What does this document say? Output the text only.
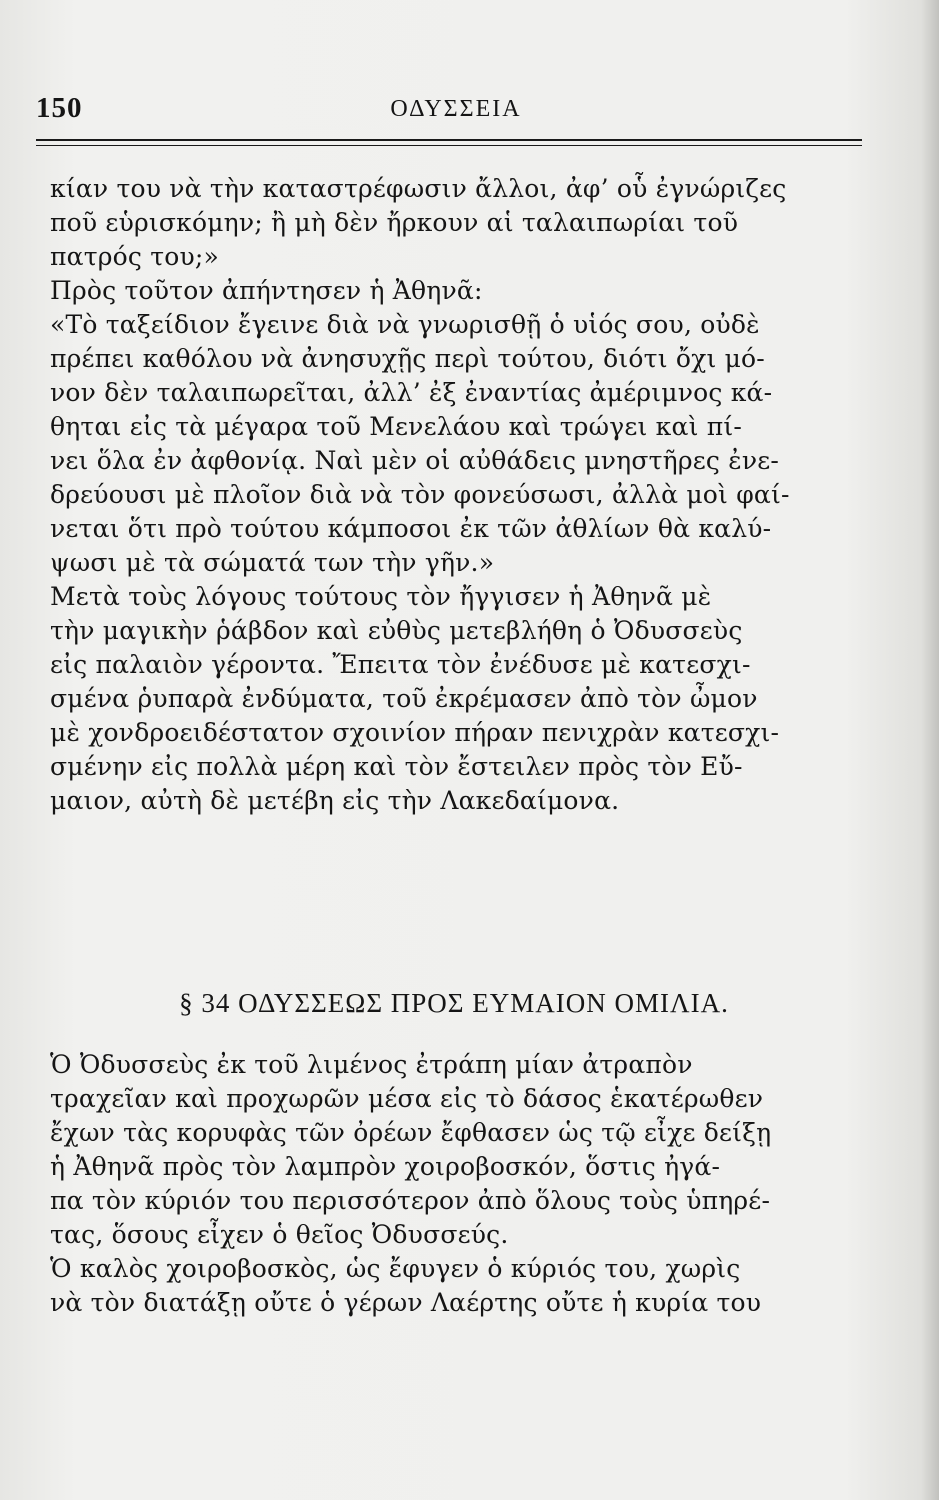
150	ΟΔΥΣΣΕΙΑ
κίαν του νὰ τὴν καταστρέφωσιν ἄλλοι, ἀφ’ οὗ ἐγνώριζες
ποῦ εὑρισκόμην; ἢ μὴ δὲν ἤρκουν αἱ ταλαιπωρίαι τοῦ
πατρός του;»
Πρὸς τοῦτον ἀπήντησεν ἡ Ἀθηνᾶ:
«Τὸ ταξείδιον ἔγεινε διὰ νὰ γνωρισθῇ ὁ υἱός σου, οὐδὲ
πρέπει καθόλου νὰ ἀνησυχῇς περὶ τούτου, διότι ὄχι μό-
νον δὲν ταλαιπωρεῖται, ἀλλ’ ἐξ ἐναντίας ἀμέριμνος κά-
θηται εἰς τὰ μέγαρα τοῦ Μενελάου καὶ τρώγει καὶ πί-
νει ὅλα ἐν ἀφθονίᾳ. Ναὶ μὲν οἱ αὐθάδεις μνηστῆρες ἐνε-
δρεύουσι μὲ πλοῖον διὰ νὰ τὸν φονεύσωσι, ἀλλὰ μοὶ φαί-
νεται ὅτι πρὸ τούτου κάμποσοι ἐκ τῶν ἀθλίων θὰ καλύ-
ψωσι μὲ τὰ σώματά των τὴν γῆν.»
Μετὰ τοὺς λόγους τούτους τὸν ἤγγισεν ἡ Ἀθηνᾶ μὲ
τὴν μαγικὴν ῥάβδον καὶ εὐθὺς μετεβλήθη ὁ Ὀδυσσεὺς
εἰς παλαιὸν γέροντα. Ἔπειτα τὸν ἐνέδυσε μὲ κατεσχι-
σμένα ῥυπαρὰ ἐνδύματα, τοῦ ἐκρέμασεν ἀπὸ τὸν ὦμον
μὲ χονδροειδέστατον σχοινίον πήραν πενιχρὰν κατεσχι-
σμένην εἰς πολλὰ μέρη καὶ τὸν ἔστειλεν πρὸς τὸν Εὔ-
μαιον, αὐτὴ δὲ μετέβη εἰς τὴν Λακεδαίμονα.
§ 34 ΟΔΥΣΣΕΩΣ ΠΡΟΣ ΕΥΜΑΙΟΝ ΟΜΙΛΙΑ.
Ὁ Ὀδυσσεὺς ἐκ τοῦ λιμένος ἐτράπη μίαν ἀτραπὸν
τραχεῖαν καὶ προχωρῶν μέσα εἰς τὸ δάσος ἑκατέρωθεν
ἔχων τὰς κορυφὰς τῶν ὀρέων ἔφθασεν ὡς τῷ εἶχε δείξῃ
ἡ Ἀθηνᾶ πρὸς τὸν λαμπρὸν χοιροβοσκόν, ὅστις ἠγά-
πα τὸν κύριόν του περισσότερον ἀπὸ ὅλους τοὺς ὑπηρέ-
τας, ὅσους εἶχεν ὁ θεῖος Ὀδυσσεύς.
Ὁ καλὸς χοιροβοσκὸς, ὡς ἔφυγεν ὁ κύριός του, χωρὶς
νὰ τὸν διατάξῃ οὔτε ὁ γέρων Λαέρτης οὔτε ἡ κυρία του
